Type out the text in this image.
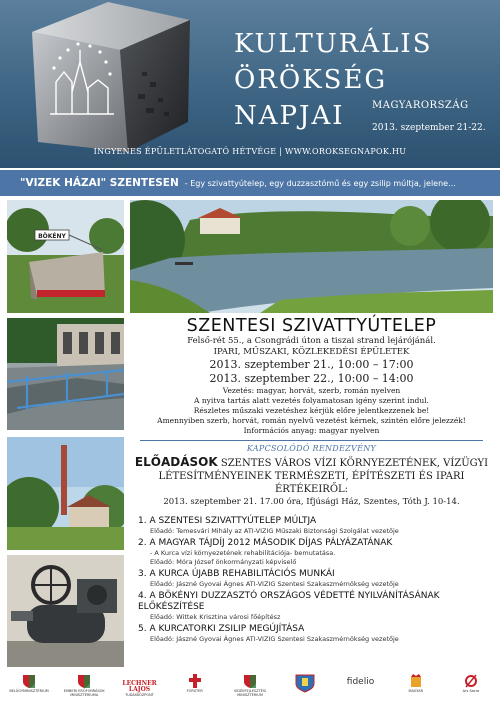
KULTURÁLIS
ÖRÖKSÉG
NAPJAI	MAGYARORSZÁG
2013. szeptember 21-22.
INGYENES ÉPÜLETLÁTOGATÓ HÉTVÉGE | WWW.OROKSEGNAPOK.HU
"VIZEK HÁZAI" SZENTESEN - Egy szivattyútelep, egy duzzasztómű és egy zsilip múltja, jelene...
BÖKÉNY
SZENTESI SZIVATTYÚTELEP
Felső-rét 55., a Csongrádi úton a tiszai strand lejárójánál.
IPARI, MŰSZAKI, KÖZLEKEDÉSI ÉPÜLETEK
2013. szeptember 21., 10:00 – 17:00
2013. szeptember 22., 10:00 – 14:00
Vezetés: magyar, horvát, szerb, román nyelven
A nyitva tartás alatt vezetés folyamatosan igény szerint indul.
Részletes műszaki vezetéshez kérjük előre jelentkezzenek be!
Amennyiben szerb, horvát, román nyelvű vezetést kérnek, szintén előre jelezzék!
Információs anyag: magyar nyelven
KAPCSOLÓDÓ RENDEZVÉNY
ELŐADÁSOK SZENTES VÁROS VÍZI KÖRNYEZETÉNEK, VÍZÜGYI LÉTESÍTMÉNYEINEK TERMÉSZETI, ÉPÍTÉSZETI ÉS IPARI ÉRTÉKEIRŐL:
2013. szeptember 21. 17.00 óra, Ifjúsági Ház, Szentes, Tóth J. 10-14.
1. A SZENTESI SZIVATTYÚTELEP MÚLTJA
Előadó: Temesvári Mihály az ATI-VIZIG Műszaki Biztonsági Szolgálat vezetője
2. A MAGYAR TÁJDÍJ 2012 MÁSODIK DÍJAS PÁLYÁZATÁNAK
- A Kurca vízi környezetének rehabilitációja- bemutatása.
Előadó: Móra József önkormányzati képviselő
3. A KURCA ÚJABB REHABILITÁCIÓS MUNKÁI
Előadó: Jászné Gyovai Ágnes ATI-VIZIG Szentesi Szakaszmérnökség vezetője
4. A BÖKÉNYI DUZZASZTÓ ORSZÁGOS VÉDETTÉ NYILVÁNÍTÁSÁNAK ELŐKÉSZÍTÉSE
Előadó: Wittek Krisztina városi főépítész
5. A KURCATORKI ZSILIP MEGÚJÍTÁSA
Előadó: Jászné Gyovai Ágnes ATI-VIZIG Szentesi Szakaszmérnökség vezetője
BELÜGYMINISZTÉRIUM	EMBERI ERŐFORRÁSOK
MINISZTÉRIUMA
LECHNER LAJOS
TUDÁSKÖZPONT
FORSTER	VIDÉKFEJLESZTÉSI
MINISZTÉRIUM
fidelio
MAGYAR	Ars Sacra
